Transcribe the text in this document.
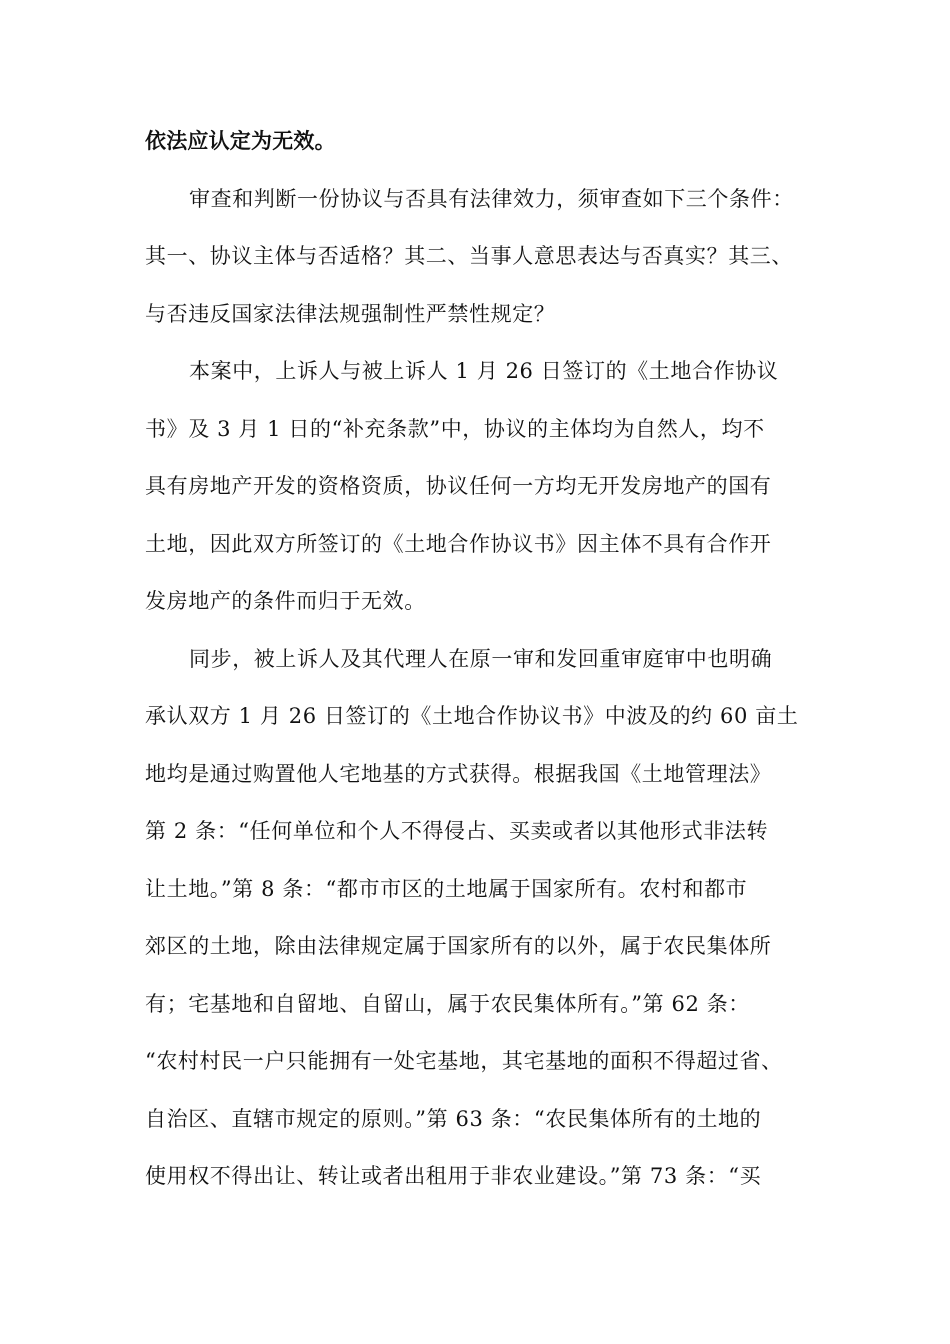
依法应认定为无效。
审查和判断一份协议与否具有法律效力，须审查如下三个条件：
其一、协议主体与否适格？其二、当事人意思表达与否真实？其三、
与否违反国家法律法规强制性严禁性规定？
本案中，上诉人与被上诉人 1 月 26 日签订的《土地合作协议
书》及 3 月 1 日的“补充条款”中，协议的主体均为自然人，均不
具有房地产开发的资格资质，协议任何一方均无开发房地产的国有
土地，因此双方所签订的《土地合作协议书》因主体不具有合作开
发房地产的条件而归于无效。
同步，被上诉人及其代理人在原一审和发回重审庭审中也明确
承认双方 1 月 26 日签订的《土地合作协议书》中波及的约 60 亩土
地均是通过购置他人宅地基的方式获得。根据我国《土地管理法》
第 2 条：“任何单位和个人不得侵占、买卖或者以其他形式非法转
让土地。”第 8 条：“都市市区的土地属于国家所有。农村和都市
郊区的土地，除由法律规定属于国家所有的以外，属于农民集体所
有；宅基地和自留地、自留山，属于农民集体所有。”第 62 条：
“农村村民一户只能拥有一处宅基地，其宅基地的面积不得超过省、
自治区、直辖市规定的原则。”第 63 条：“农民集体所有的土地的
使用权不得出让、转让或者出租用于非农业建设。”第 73 条：“买
